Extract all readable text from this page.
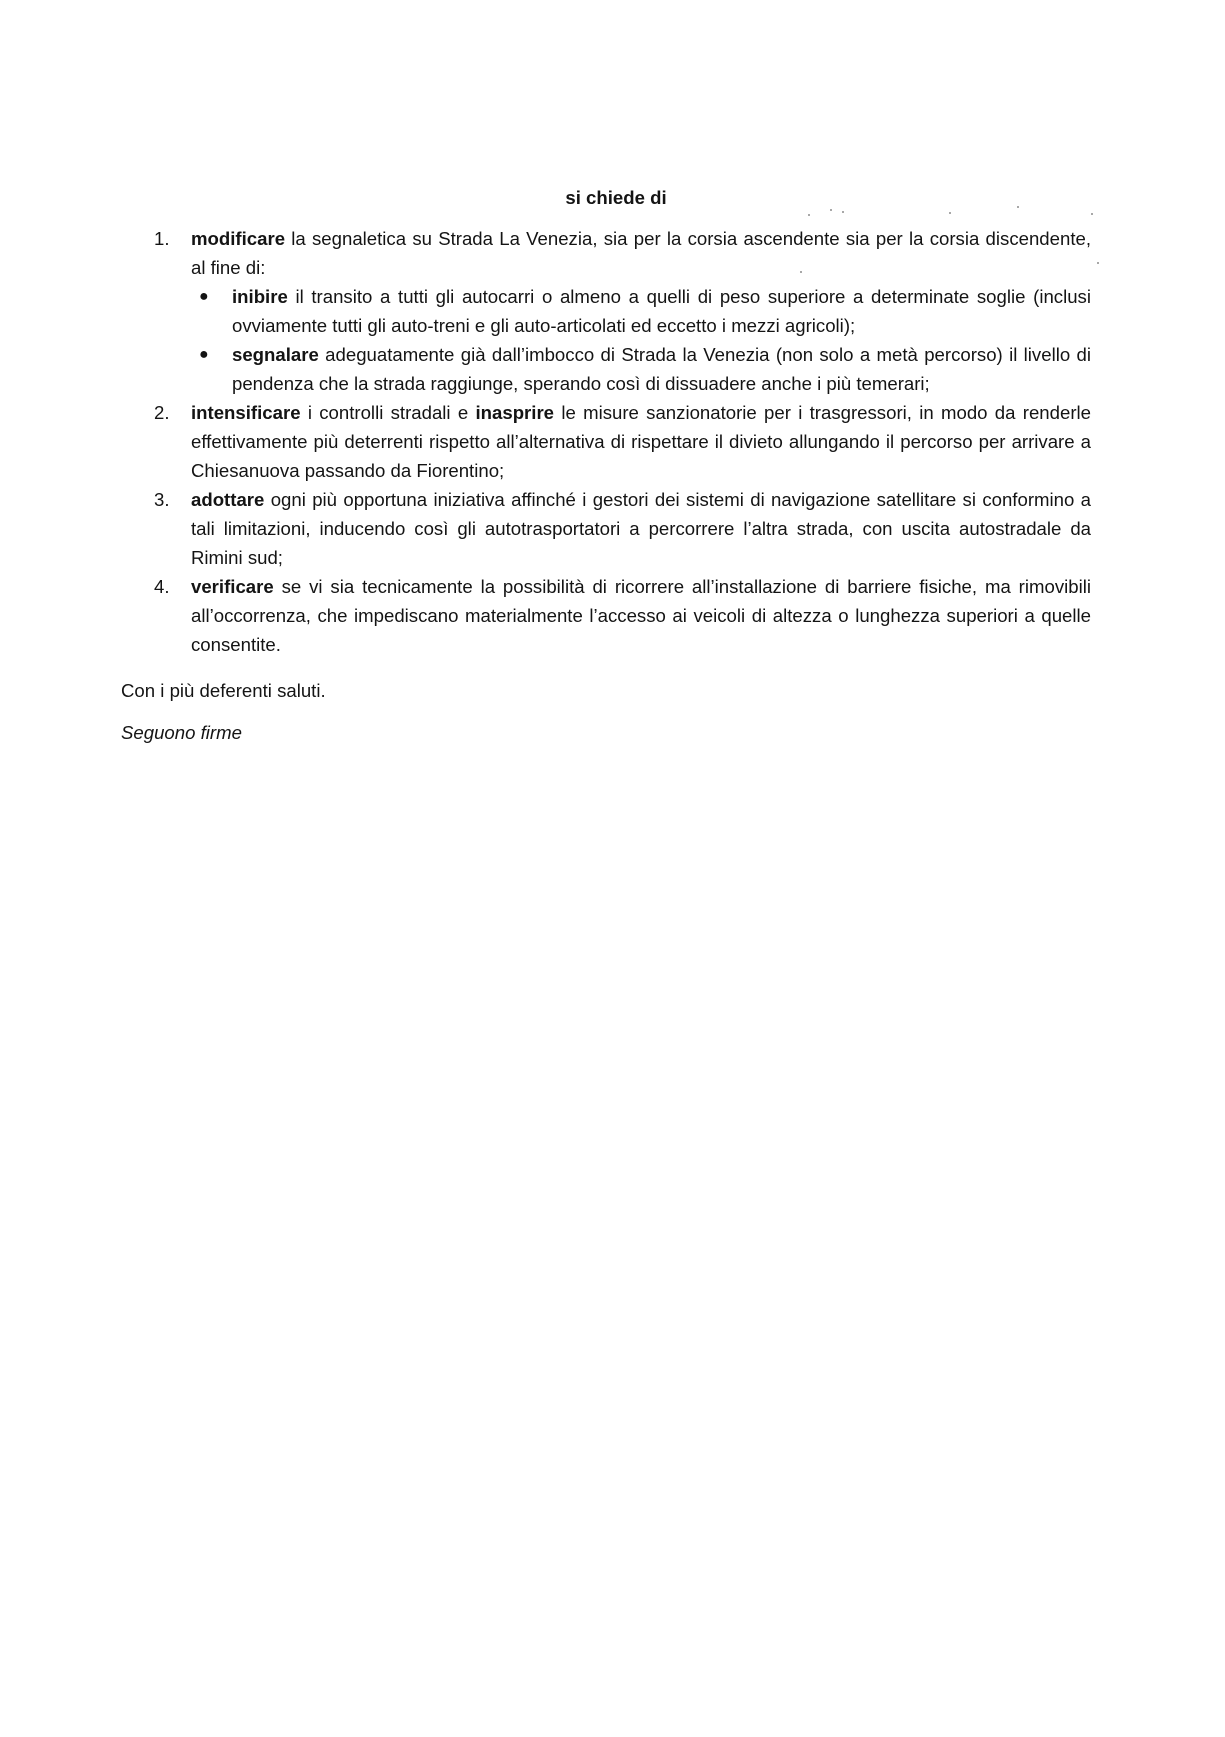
si chiede di

1. modificare la segnaletica su Strada La Venezia, sia per la corsia ascendente sia per la corsia discendente, al fine di:
● inibire il transito a tutti gli autocarri o almeno a quelli di peso superiore a determinate soglie (inclusi ovviamente tutti gli auto-treni e gli auto-articolati ed eccetto i mezzi agricoli);
● segnalare adeguatamente già dall’imbocco di Strada la Venezia (non solo a metà percorso) il livello di pendenza che la strada raggiunge, sperando così di dissuadere anche i più temerari;
2. intensificare i controlli stradali e inasprire le misure sanzionatorie per i trasgressori, in modo da renderle effettivamente più deterrenti rispetto all’alternativa di rispettare il divieto allungando il percorso per arrivare a Chiesanuova passando da Fiorentino;
3. adottare ogni più opportuna iniziativa affinché i gestori dei sistemi di navigazione satellitare si conformino a tali limitazioni, inducendo così gli autotrasportatori a percorrere l’altra strada, con uscita autostradale da Rimini sud;
4. verificare se vi sia tecnicamente la possibilità di ricorrere all’installazione di barriere fisiche, ma rimovibili all’occorrenza, che impediscano materialmente l’accesso ai veicoli di altezza o lunghezza superiori a quelle consentite.

Con i più deferenti saluti.

Seguono firme
